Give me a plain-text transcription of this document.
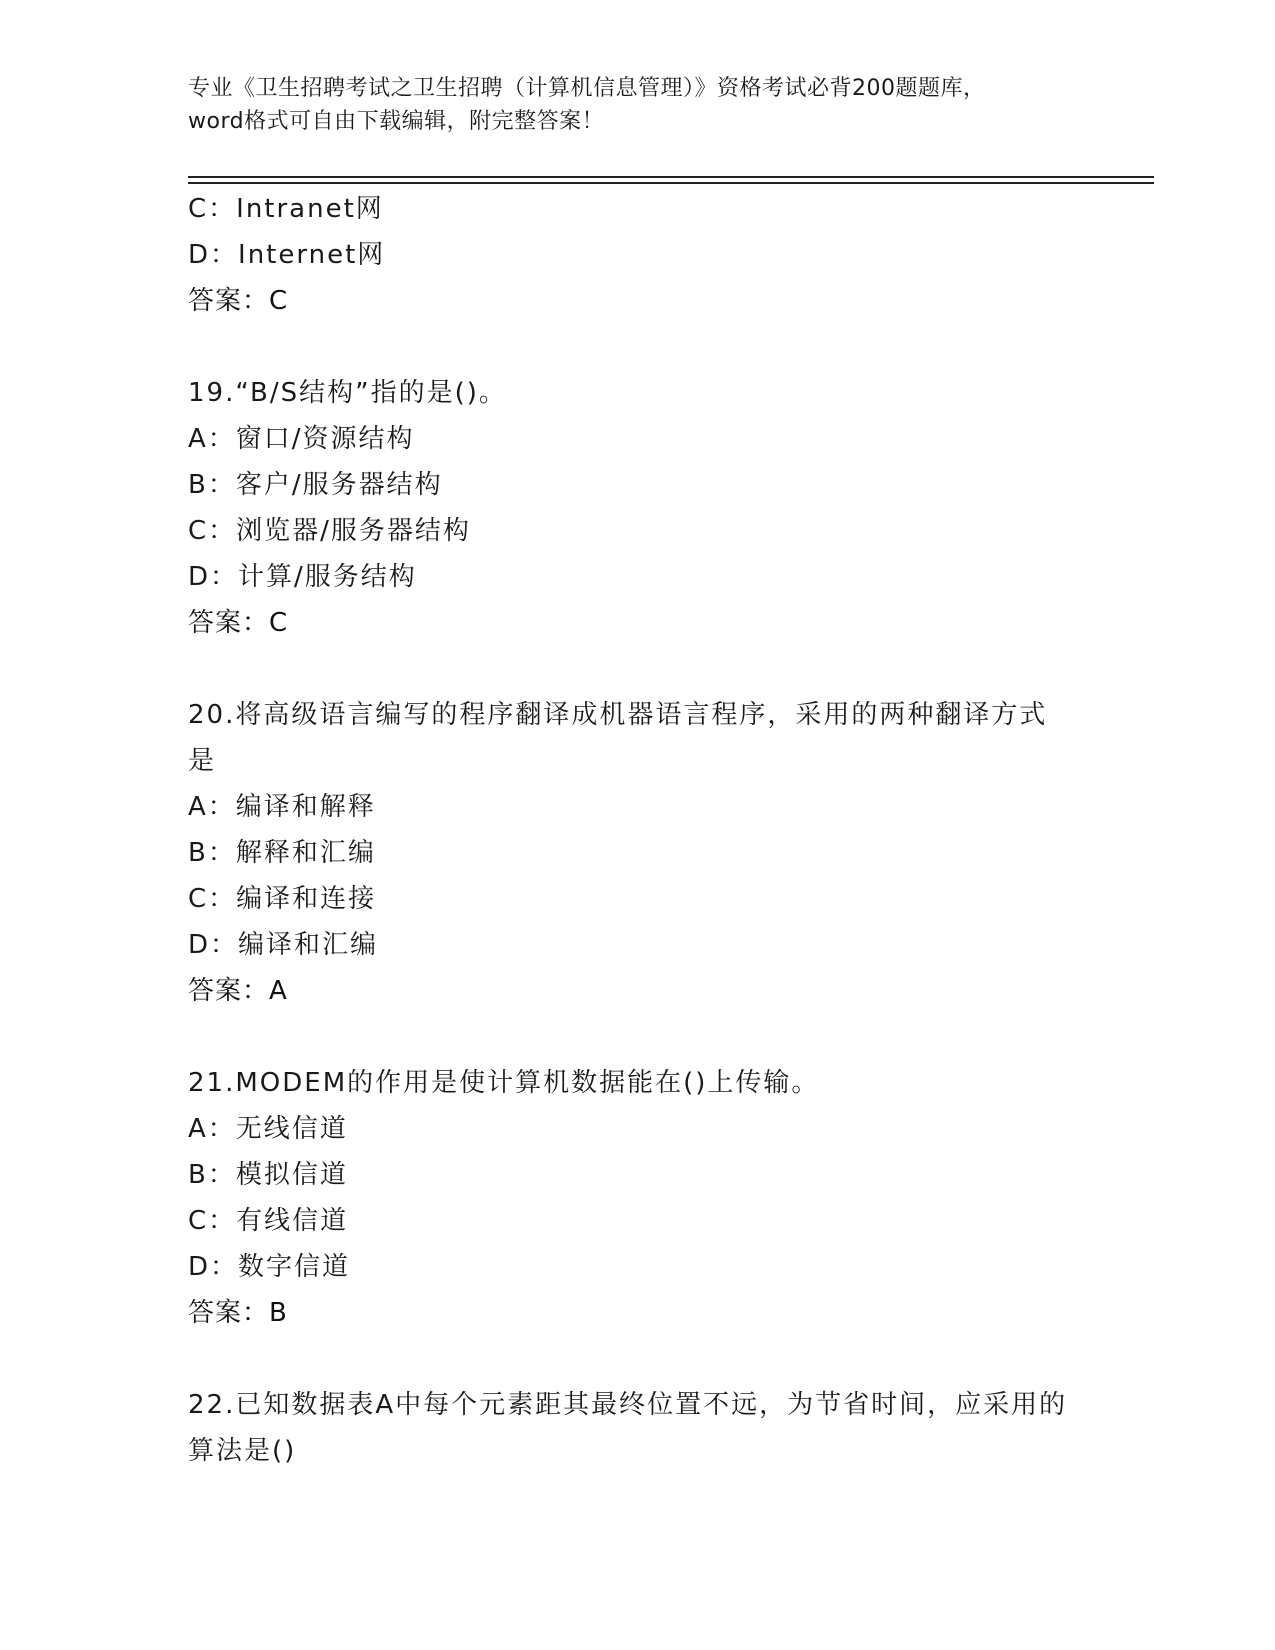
专业《卫生招聘考试之卫生招聘（计算机信息管理）》资格考试必背200题题库，
word格式可自由下载编辑，附完整答案！
C：Intranet网
D：Internet网
答案：C
19.“B/S结构”指的是()。
A：窗口/资源结构
B：客户/服务器结构
C：浏览器/服务器结构
D：计算/服务结构
答案：C
20.将高级语言编写的程序翻译成机器语言程序，采用的两种翻译方式是
A：编译和解释
B：解释和汇编
C：编译和连接
D：编译和汇编
答案：A
21.MODEM的作用是使计算机数据能在()上传输。
A：无线信道
B：模拟信道
C：有线信道
D：数字信道
答案：B
22.已知数据表A中每个元素距其最终位置不远，为节省时间，应采用的算法是()
